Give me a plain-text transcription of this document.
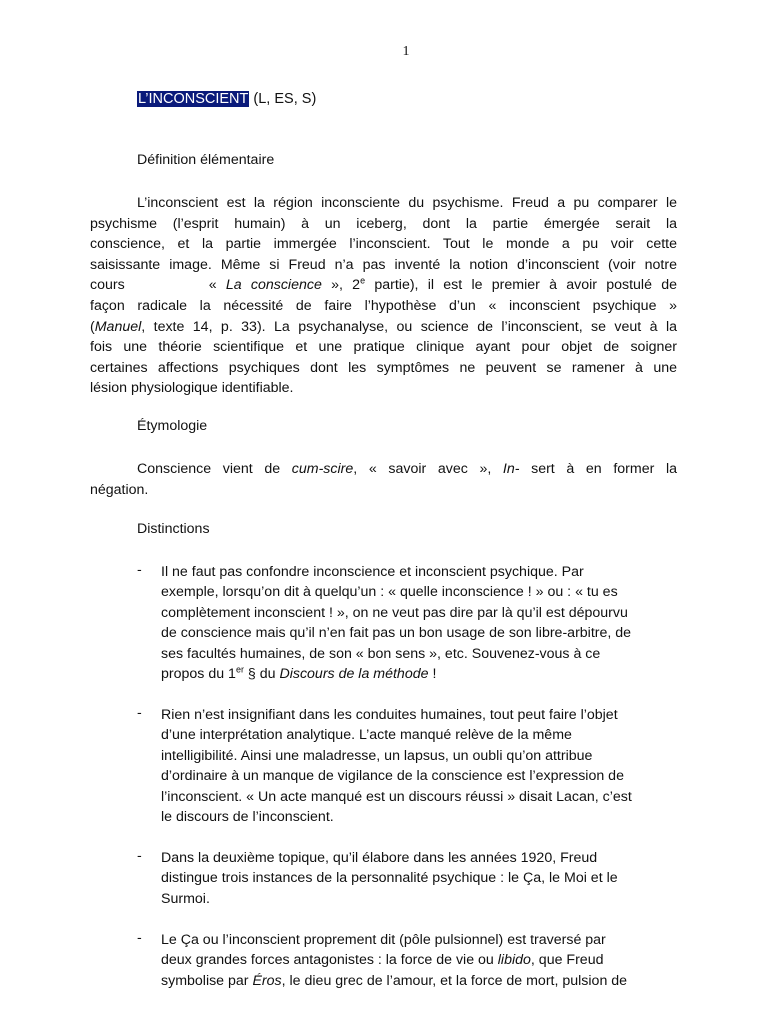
1
L’INCONSCIENT (L, ES, S)
Définition élémentaire
L’inconscient est la région inconsciente du psychisme. Freud a pu comparer le
psychisme (l’esprit humain) à un iceberg, dont la partie émergée serait la
conscience, et la partie immergée l’inconscient. Tout le monde a pu voir cette
saisissante image. Même si Freud n’a pas inventé la notion d’inconscient (voir notre
cours	« La conscience », 2e partie), il est le premier à avoir postulé de
façon radicale la nécessité de faire l’hypothèse d’un « inconscient psychique »
(Manuel, texte 14, p. 33). La psychanalyse, ou science de l’inconscient, se veut à la
fois une théorie scientifique et une pratique clinique ayant pour objet de soigner
certaines affections psychiques dont les symptômes ne peuvent se ramener à une
lésion physiologique identifiable.
Étymologie
Conscience vient de cum-scire, « savoir avec », In- sert à en former la
négation.
Distinctions
-	Il ne faut pas confondre inconscience et inconscient psychique. Par
exemple, lorsqu’on dit à quelqu’un : « quelle inconscience ! » ou : « tu es
complètement inconscient ! », on ne veut pas dire par là qu’il est dépourvu
de conscience mais qu’il n’en fait pas un bon usage de son libre-arbitre, de
ses facultés humaines, de son « bon sens », etc. Souvenez-vous à ce
propos du 1er § du Discours de la méthode !
-	Rien n’est insignifiant dans les conduites humaines, tout peut faire l’objet
d’une interprétation analytique. L’acte manqué relève de la même
intelligibilité. Ainsi une maladresse, un lapsus, un oubli qu’on attribue
d’ordinaire à un manque de vigilance de la conscience est l’expression de
l’inconscient. « Un acte manqué est un discours réussi » disait Lacan, c’est
le discours de l’inconscient.
-	Dans la deuxième topique, qu’il élabore dans les années 1920, Freud
distingue trois instances de la personnalité psychique : le Ça, le Moi et le
Surmoi.
-	Le Ça ou l’inconscient proprement dit (pôle pulsionnel) est traversé par
deux grandes forces antagonistes : la force de vie ou libido, que Freud
symbolise par Éros, le dieu grec de l’amour, et la force de mort, pulsion de
